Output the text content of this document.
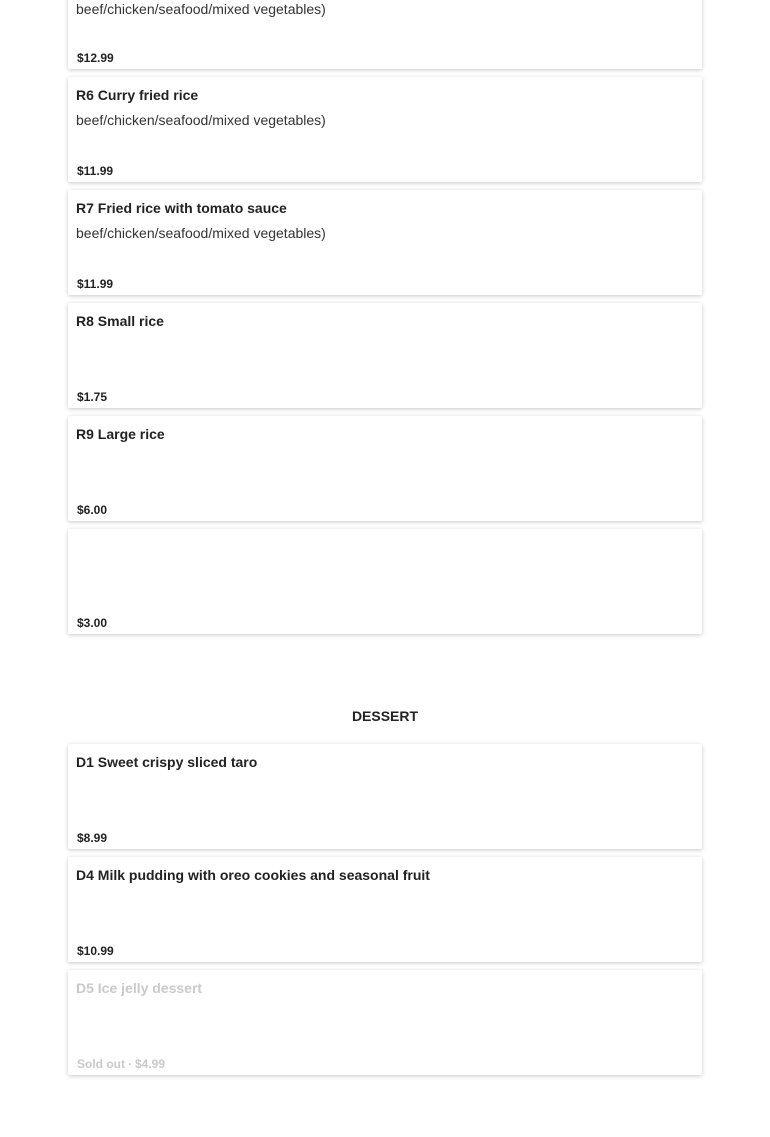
beef/chicken/seafood/mixed vegetables)
$12.99
R6 Curry fried rice
beef/chicken/seafood/mixed vegetables)
$11.99
R7 Fried rice with tomato sauce
beef/chicken/seafood/mixed vegetables)
$11.99
R8 Small rice
$1.75
R9 Large rice
$6.00
$3.00
D1 Sweet crispy sliced taro
$8.99
D4 Milk pudding with oreo cookies and seasonal fruit
$10.99
D5 Ice jelly dessert
Sold out · $4.99
DESSERT
